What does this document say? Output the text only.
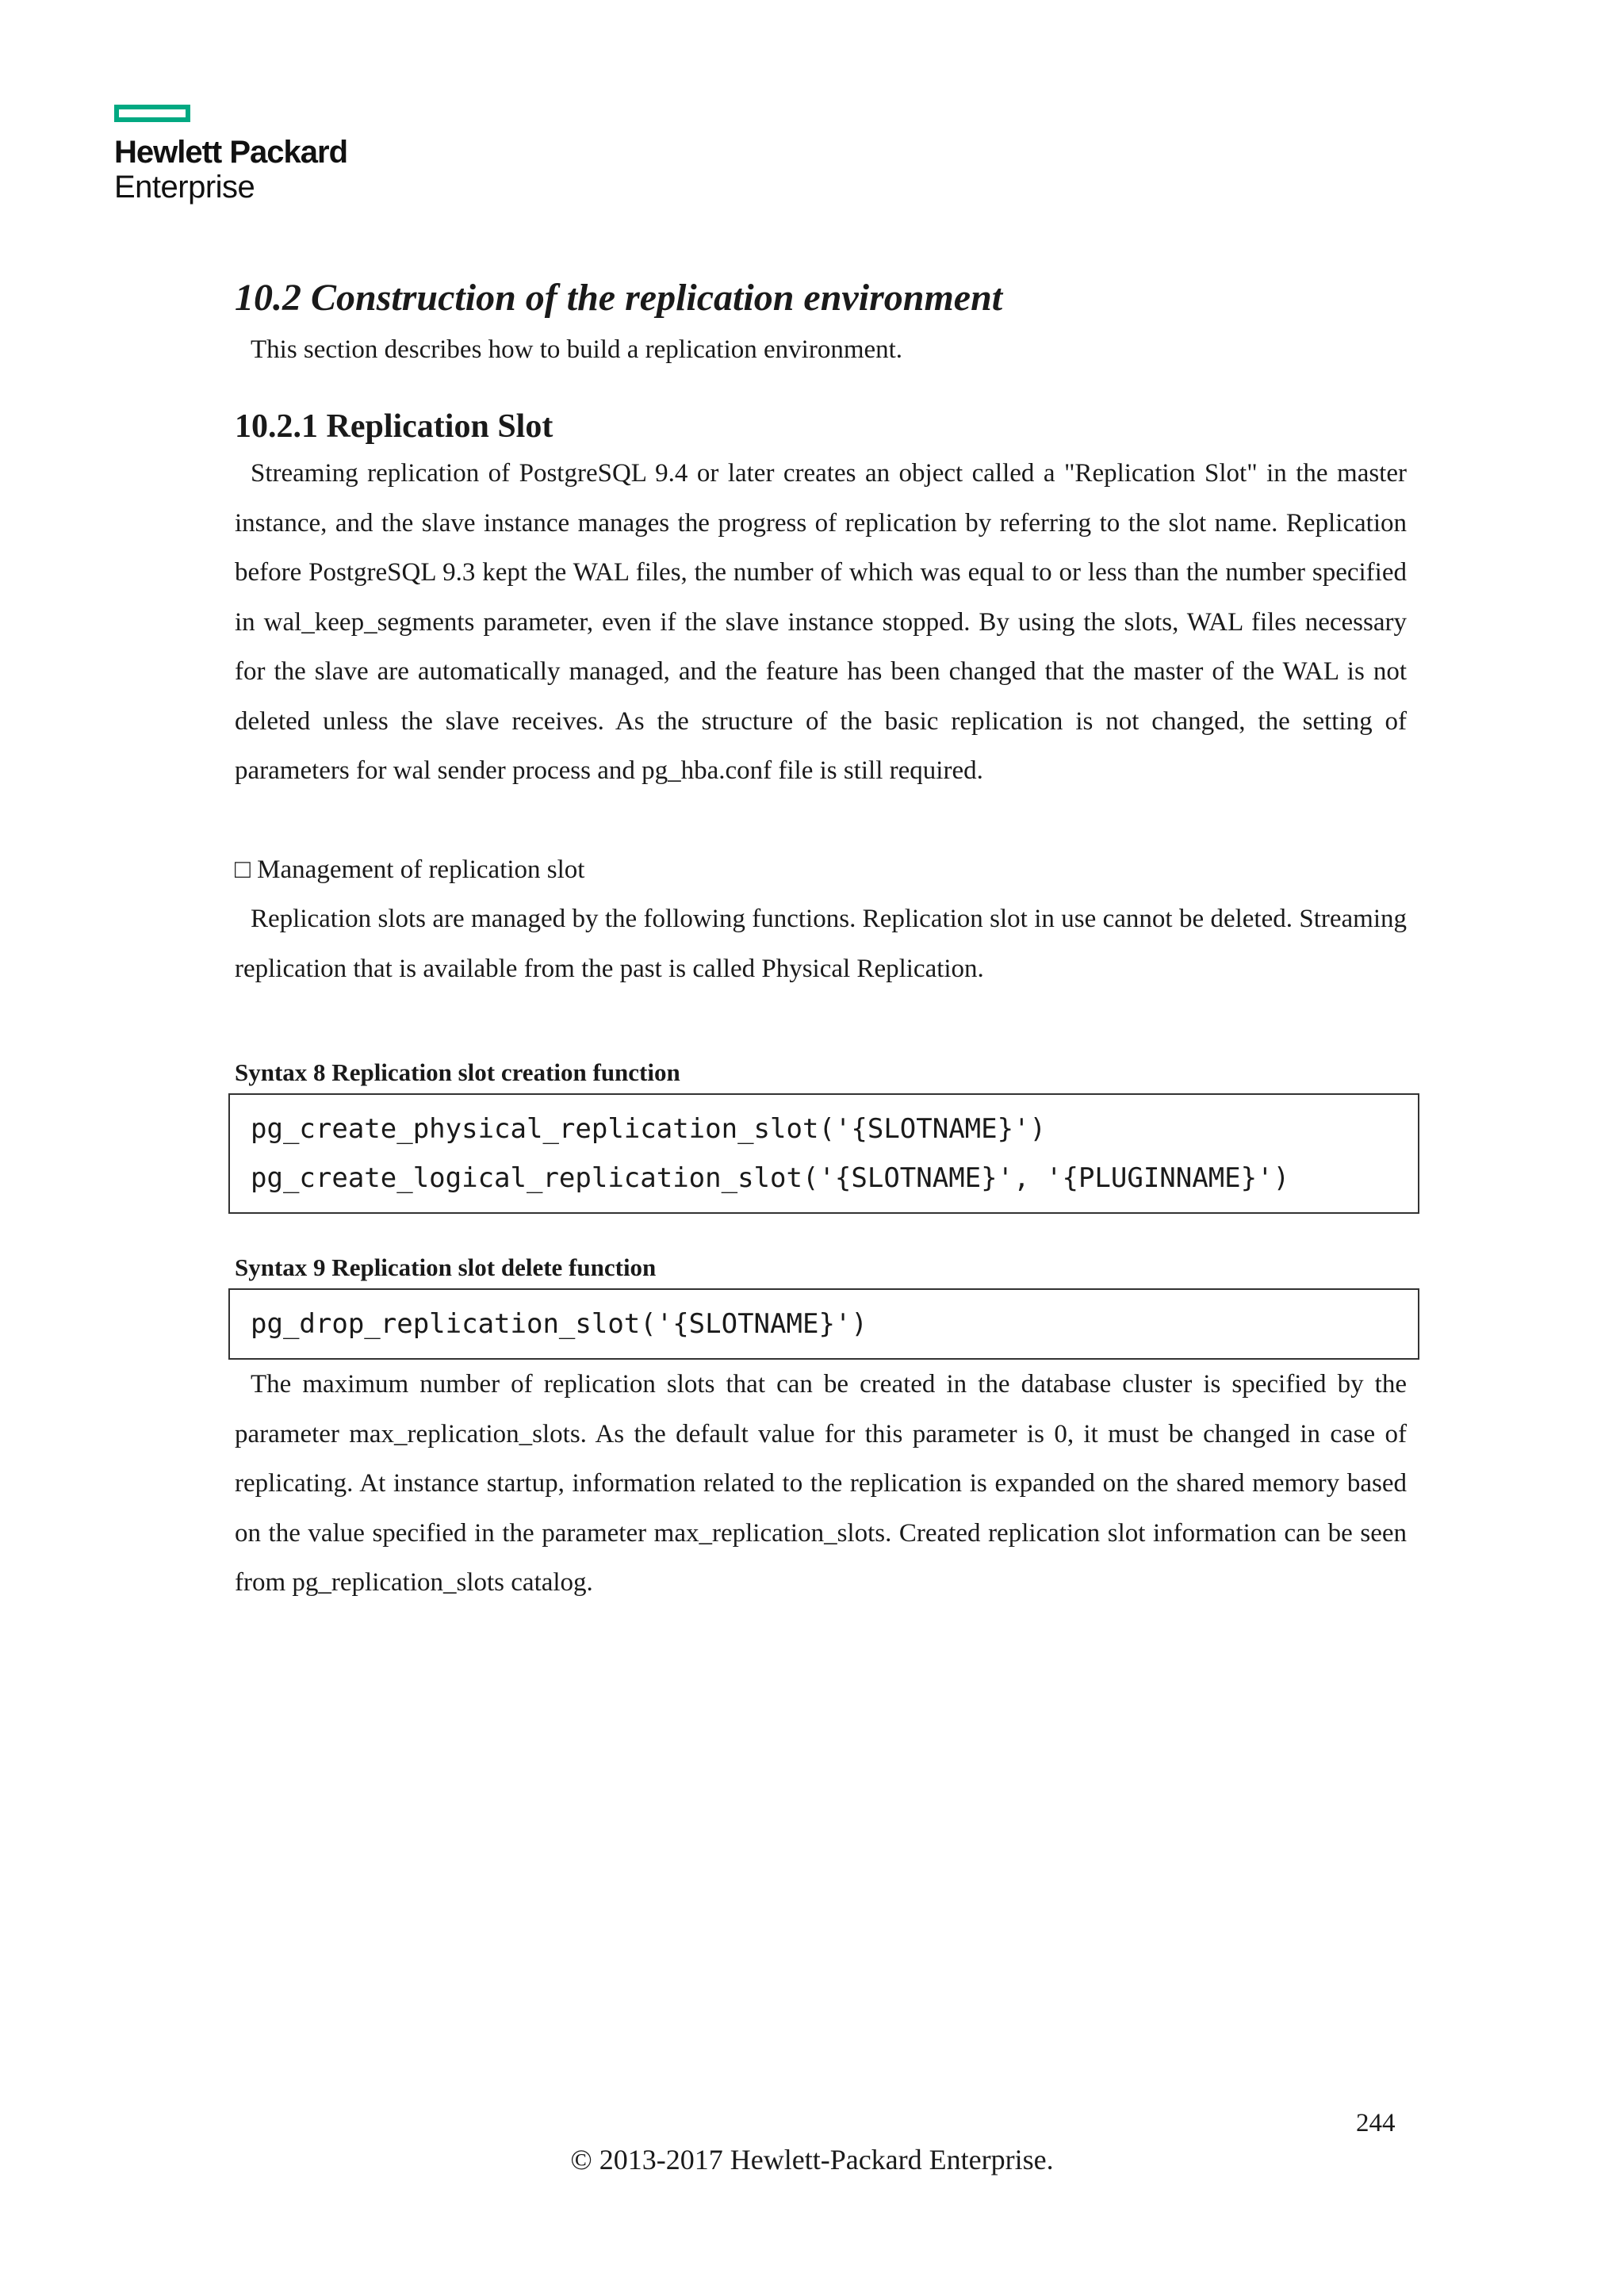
Hewlett Packard
Enterprise
10.2 Construction of the replication environment
This section describes how to build a replication environment.
10.2.1 Replication Slot

Streaming replication of PostgreSQL 9.4 or later creates an object called a "Replication Slot" in the master instance, and the slave instance manages the progress of replication by referring to the slot name. Replication before PostgreSQL 9.3 kept the WAL files, the number of which was equal to or less than the number specified in wal_keep_segments parameter, even if the slave instance stopped. By using the slots, WAL files necessary for the slave are automatically managed, and the feature has been changed that the master of the WAL is not deleted unless the slave receives. As the structure of the basic replication is not changed, the setting of parameters for wal sender process and pg_hba.conf file is still required.

□ Management of replication slot

Replication slots are managed by the following functions. Replication slot in use cannot be deleted. Streaming replication that is available from the past is called Physical Replication.

Syntax 8 Replication slot creation function
pg_create_physical_replication_slot('{SLOTNAME}')
pg_create_logical_replication_slot('{SLOTNAME}', '{PLUGINNAME}')
Syntax 9 Replication slot delete function
pg_drop_replication_slot('{SLOTNAME}')

The maximum number of replication slots that can be created in the database cluster is specified by the parameter max_replication_slots. As the default value for this parameter is 0, it must be changed in case of replicating. At instance startup, information related to the replication is expanded on the shared memory based on the value specified in the parameter max_replication_slots. Created replication slot information can be seen from pg_replication_slots catalog.

244
© 2013-2017 Hewlett-Packard Enterprise.
